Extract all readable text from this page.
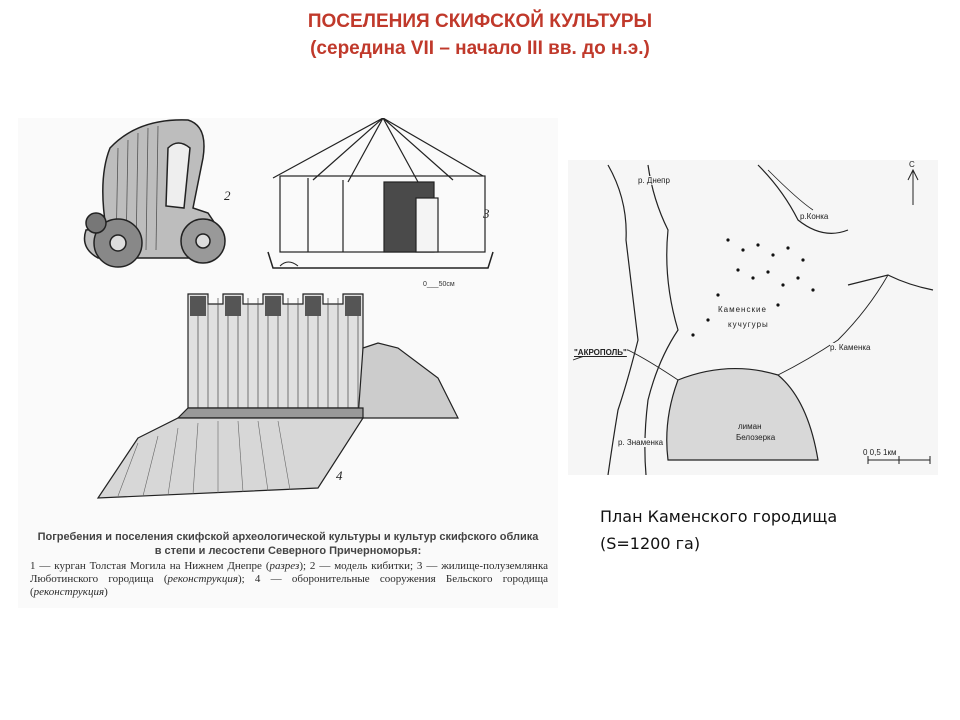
ПОСЕЛЕНИЯ СКИФСКОЙ КУЛЬТУРЫ
(середина VII – начало III вв. до н.э.)
2
3
0___50см
4
Погребения и поселения скифской археологической культуры и культур скифского облика в степи и лесостепи Северного Причерноморья:
1 — курган Толстая Могила на Нижнем Днепре (разрез); 2 — модель кибитки; 3 — жилище-полуземлянка Люботинского городища (реконструкция); 4 — оборонительные сооружения Бельского городища (реконструкция)
р. Днепр
р.Конка
р. Каменка
"АКРОПОЛЬ"
р. Знаменка
Каменские
кучугуры
лиман
Белозерка
С
0 0,5 1км
План Каменского городища
(S=1200 га)
